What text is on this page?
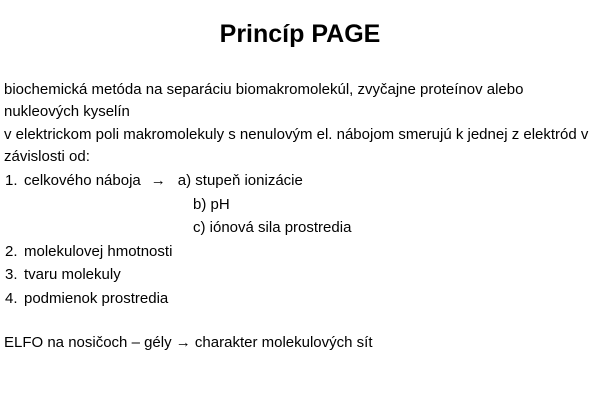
Princíp PAGE

biochemická metóda na separáciu biomakromolekúl, zvyčajne proteínov alebo nukleových kyselín

v elektrickom poli makromolekuly s nenulovým el. nábojom smerujú k jednej z elektród v závislosti od:

1. celkového náboja → a) stupeň ionizácie
b) pH
c) iónová sila prostredia
2. molekulovej hmotnosti
3. tvaru molekuly
4. podmienok prostredia

ELFO na nosičoch – gély → charakter molekulových sít
